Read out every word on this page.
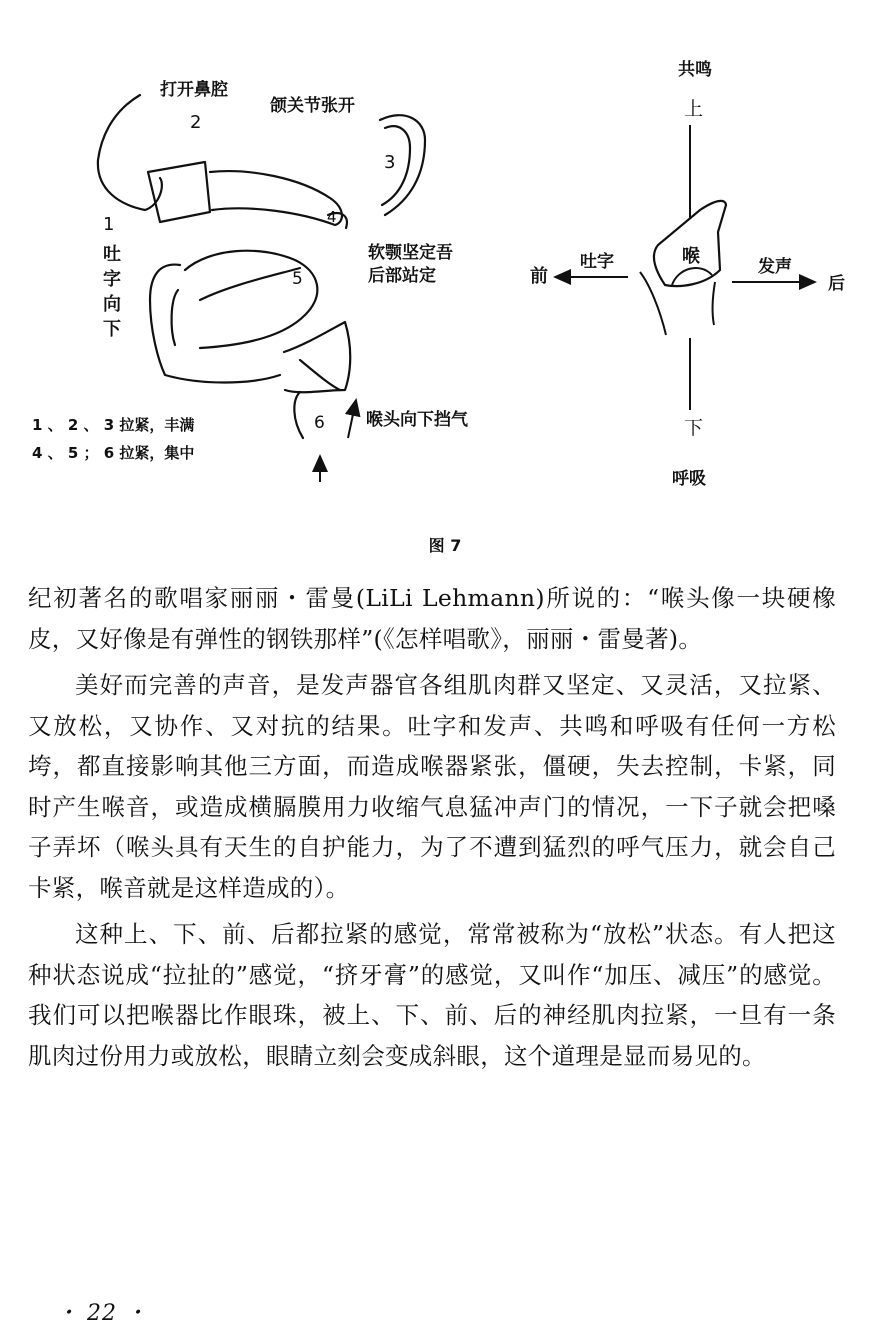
打开鼻腔
2
颌关节张开
3
1
吐
字
向
下
4
软颚坚定吾
后部站定
5
喉头向下挡气
6
1 、 2 、 3 拉紧，丰满
4 、 5 ； 6 拉紧，集中
共鸣
上
前
吐字	喉	发声
后
下
呼吸
图 7

纪初著名的歌唱家丽丽・雷曼(LiLi Lehmann)所说的：“喉头像一块硬橡皮，又好像是有弹性的钢铁那样”(《怎样唱歌》，丽丽・雷曼著)。

美好而完善的声音，是发声器官各组肌肉群又坚定、又灵活，又拉紧、又放松，又协作、又对抗的结果。吐字和发声、共鸣和呼吸有任何一方松垮，都直接影响其他三方面，而造成喉器紧张，僵硬，失去控制，卡紧，同时产生喉音，或造成横膈膜用力收缩气息猛冲声门的情况，一下子就会把嗓子弄坏（喉头具有天生的自护能力，为了不遭到猛烈的呼气压力，就会自己卡紧，喉音就是这样造成的）。

这种上、下、前、后都拉紧的感觉，常常被称为“放松”状态。有人把这种状态说成“拉扯的”感觉，“挤牙膏”的感觉，又叫作“加压、减压”的感觉。我们可以把喉器比作眼珠，被上、下、前、后的神经肌肉拉紧，一旦有一条肌肉过份用力或放松，眼睛立刻会变成斜眼，这个道理是显而易见的。

・ 22 ・
